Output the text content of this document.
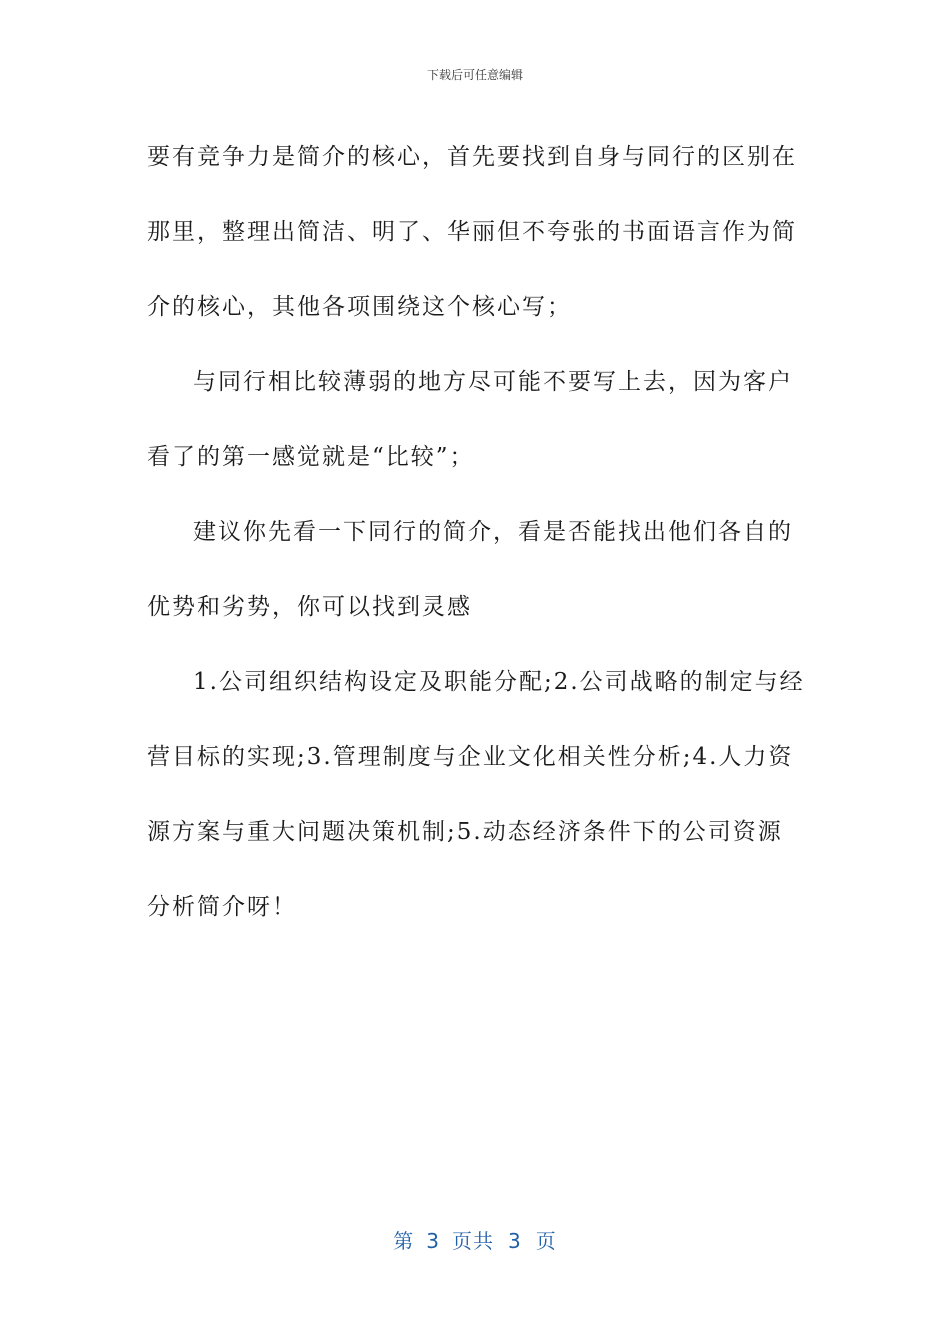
下载后可任意编辑

要有竞争力是简介的核心，首先要找到自身与同行的区别在那里，整理出简洁、明了、华丽但不夸张的书面语言作为简介的核心，其他各项围绕这个核心写；

与同行相比较薄弱的地方尽可能不要写上去，因为客户看了的第一感觉就是“比较”；

建议你先看一下同行的简介，看是否能找出他们各自的优势和劣势，你可以找到灵感

1.公司组织结构设定及职能分配;2.公司战略的制定与经营目标的实现;3.管理制度与企业文化相关性分析;4.人力资源方案与重大问题决策机制;5.动态经济条件下的公司资源分析简介呀！

第 3 页共 3 页
